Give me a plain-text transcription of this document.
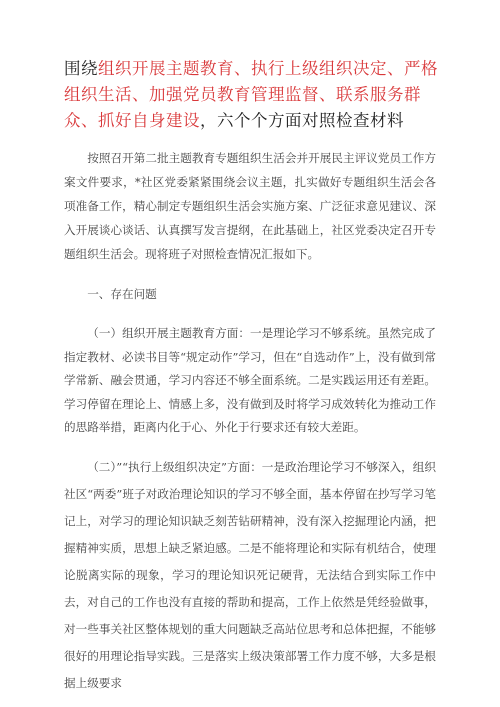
围绕组织开展主题教育、执行上级组织决定、严格组织生活、加强党员教育管理监督、联系服务群众、抓好自身建设，六个个方面对照检查材料

按照召开第二批主题教育专题组织生活会并开展民主评议党员工作方案文件要求，*社区党委紧紧围绕会议主题，扎实做好专题组织生活会各项准备工作，精心制定专题组织生活会实施方案、广泛征求意见建议、深入开展谈心谈话、认真撰写发言提纲，在此基础上，社区党委决定召开专题组织生活会。现将班子对照检查情况汇报如下。

一、存在问题

（一）组织开展主题教育方面：一是理论学习不够系统。虽然完成了指定教材、必读书目等“规定动作”学习，但在“自选动作”上，没有做到常学常新、融会贯通，学习内容还不够全面系统。二是实践运用还有差距。学习停留在理论上、情感上多，没有做到及时将学习成效转化为推动工作的思路举措，距离内化于心、外化于行要求还有较大差距。

（二）”“执行上级组织决定”方面：一是政治理论学习不够深入，组织社区“两委”班子对政治理论知识的学习不够全面，基本停留在抄写学习笔记上，对学习的理论知识缺乏刻苦钻研精神，没有深入挖掘理论内涵，把握精神实质，思想上缺乏紧迫感。二是不能将理论和实际有机结合，使理论脱离实际的现象，学习的理论知识死记硬背，无法结合到实际工作中去，对自己的工作也没有直接的帮助和提高，工作上依然是凭经验做事，对一些事关社区整体规划的重大问题缺乏高站位思考和总体把握，不能够很好的用理论指导实践。三是落实上级决策部署工作力度不够，大多是根据上级要求
